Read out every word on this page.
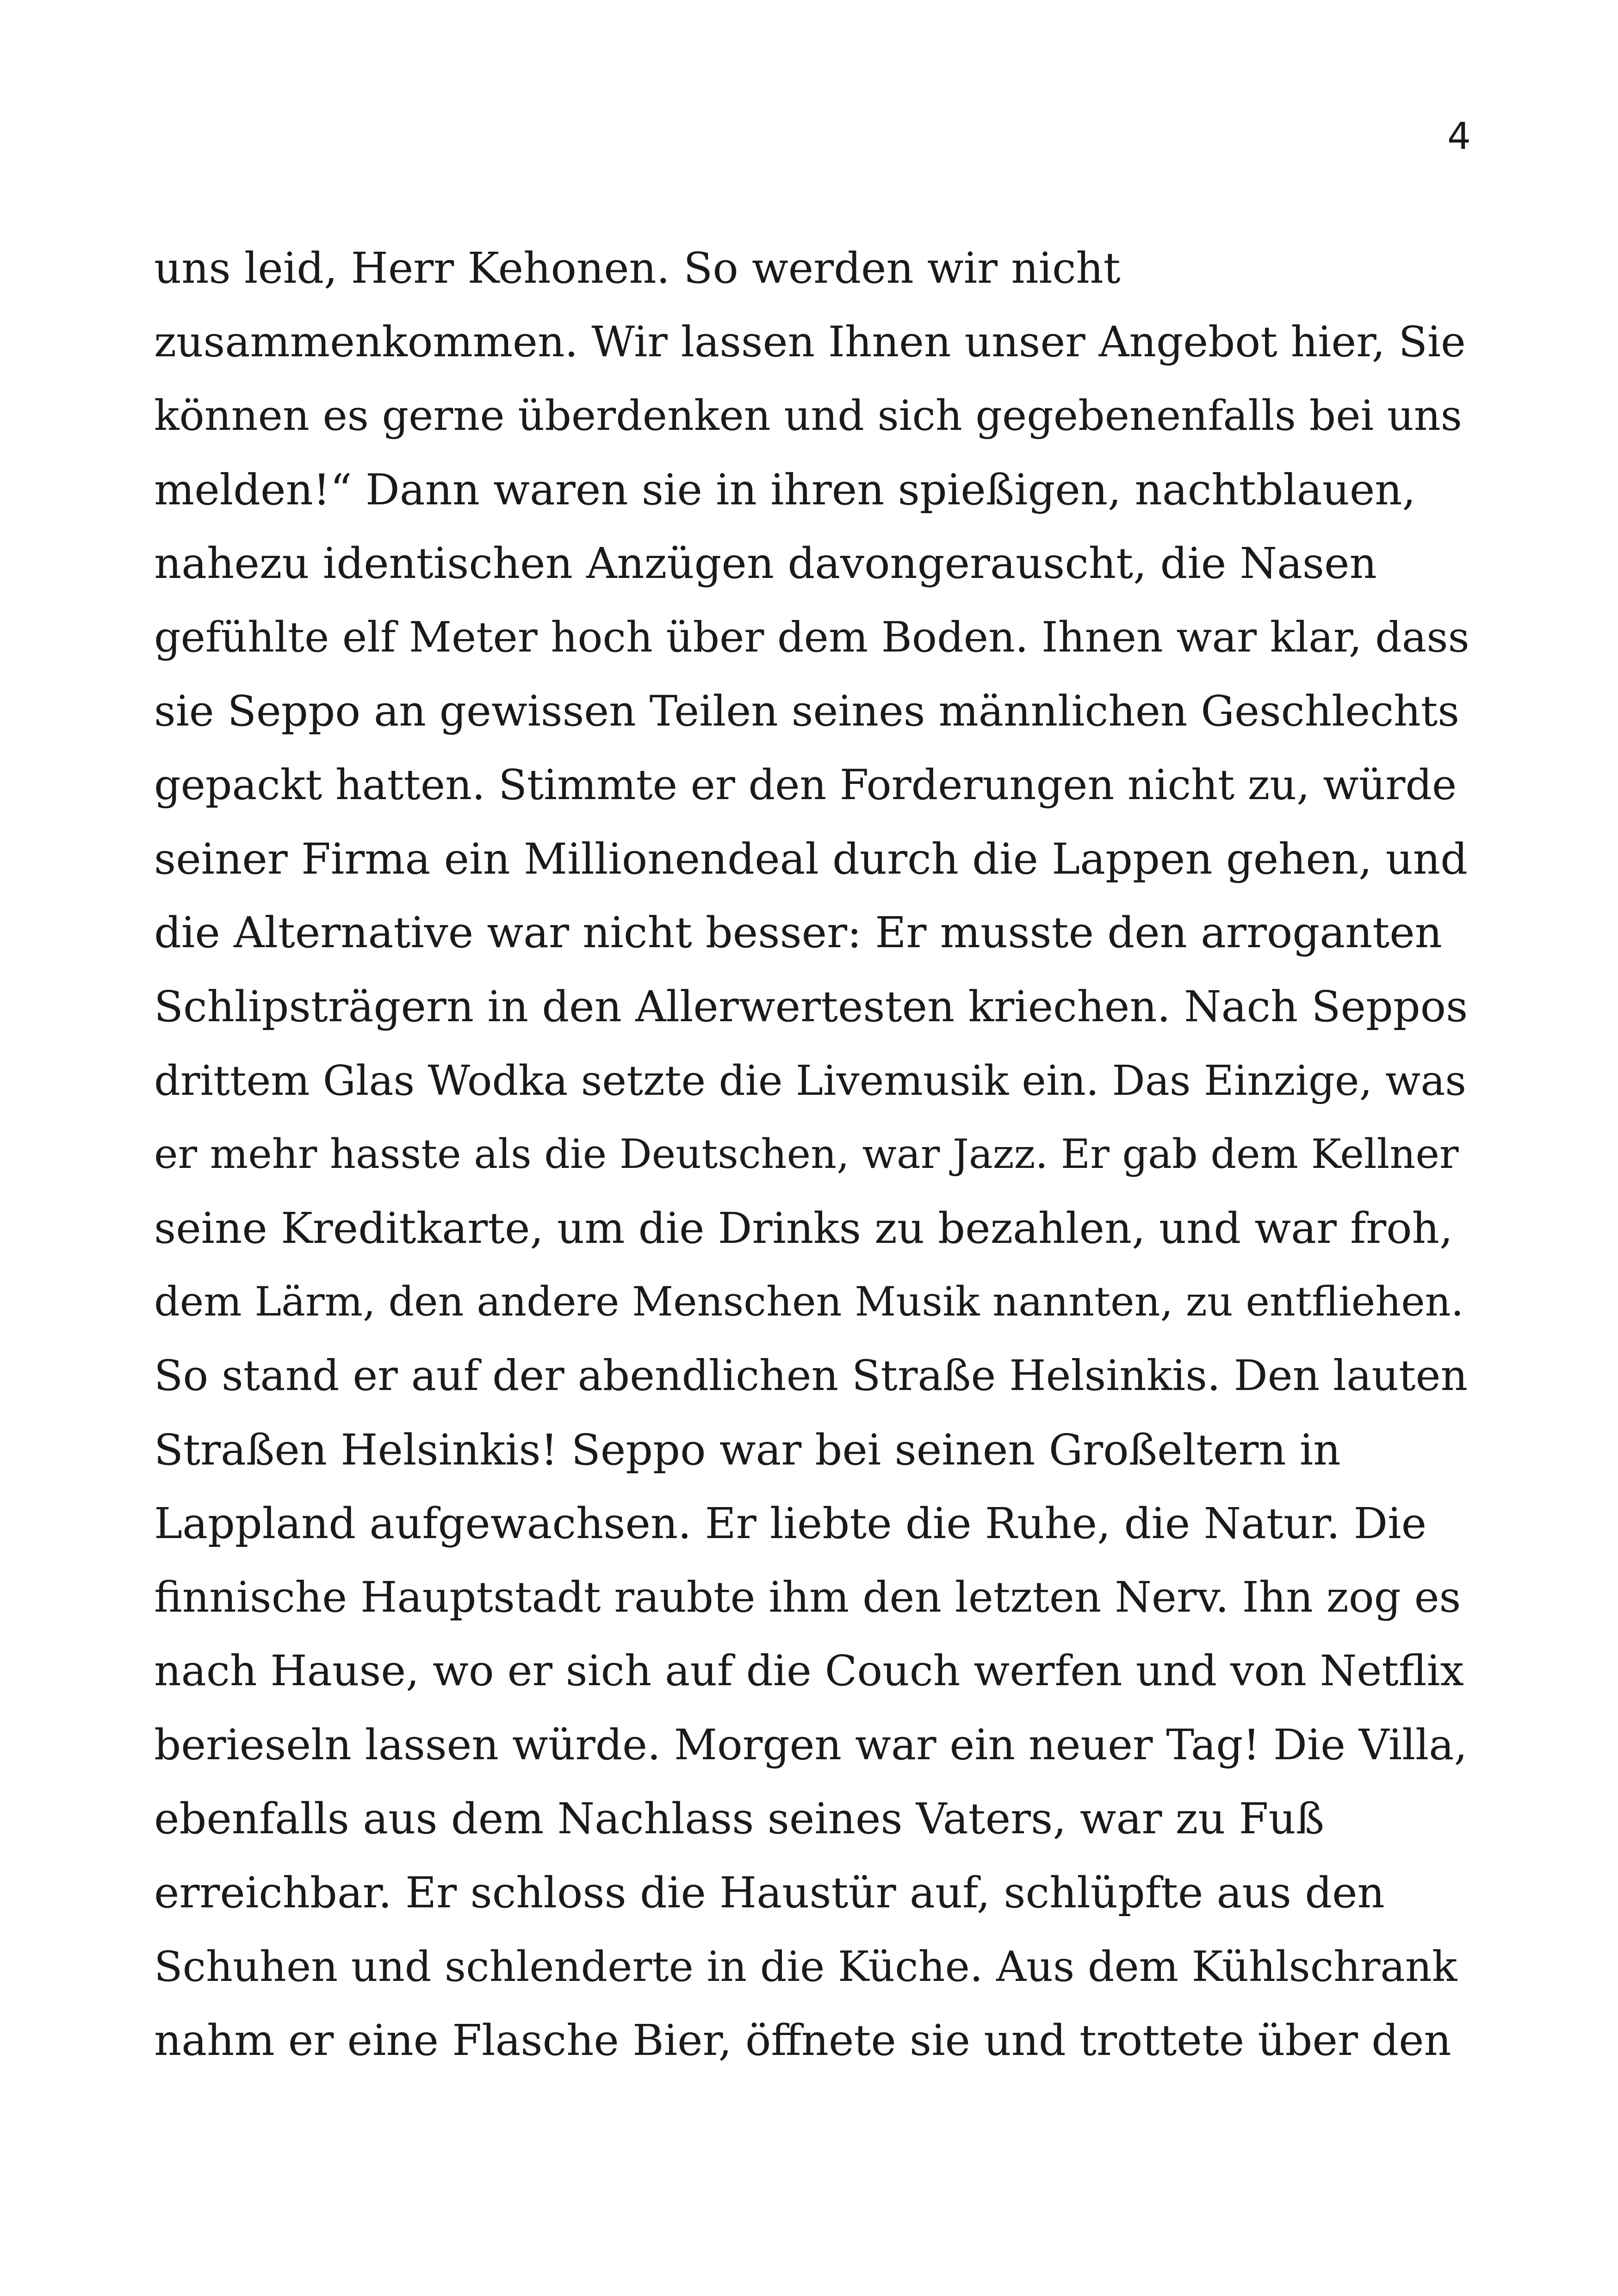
4
uns leid, Herr Kehonen. So werden wir nicht
zusammenkommen. Wir lassen Ihnen unser Angebot hier, Sie
können es gerne überdenken und sich gegebenenfalls bei uns
melden!“ Dann waren sie in ihren spießigen, nachtblauen,
nahezu identischen Anzügen davongerauscht, die Nasen
gefühlte elf Meter hoch über dem Boden. Ihnen war klar, dass
sie Seppo an gewissen Teilen seines männlichen Geschlechts
gepackt hatten. Stimmte er den Forderungen nicht zu, würde
seiner Firma ein Millionendeal durch die Lappen gehen, und
die Alternative war nicht besser: Er musste den arroganten
Schlipsträgern in den Allerwertesten kriechen. Nach Seppos
drittem Glas Wodka setzte die Livemusik ein. Das Einzige, was
er mehr hasste als die Deutschen, war Jazz. Er gab dem Kellner
seine Kreditkarte, um die Drinks zu bezahlen, und war froh,
dem Lärm, den andere Menschen Musik nannten, zu entfliehen.
So stand er auf der abendlichen Straße Helsinkis. Den lauten
Straßen Helsinkis! Seppo war bei seinen Großeltern in
Lappland aufgewachsen. Er liebte die Ruhe, die Natur. Die
finnische Hauptstadt raubte ihm den letzten Nerv. Ihn zog es
nach Hause, wo er sich auf die Couch werfen und von Netflix
berieseln lassen würde. Morgen war ein neuer Tag! Die Villa,
ebenfalls aus dem Nachlass seines Vaters, war zu Fuß
erreichbar. Er schloss die Haustür auf, schlüpfte aus den
Schuhen und schlenderte in die Küche. Aus dem Kühlschrank
nahm er eine Flasche Bier, öffnete sie und trottete über den
